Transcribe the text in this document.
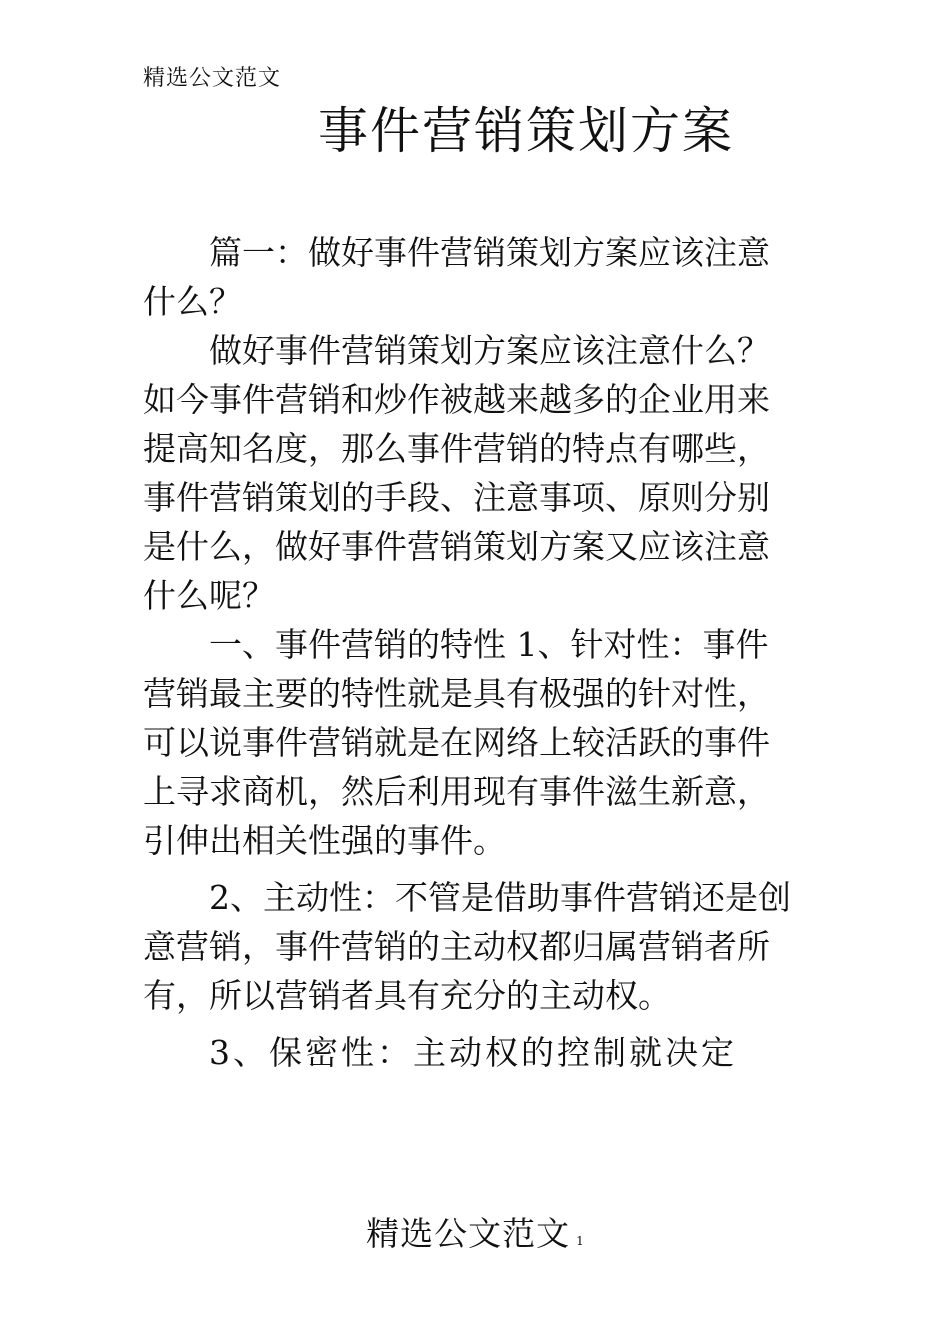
精选公文范文
事件营销策划方案

篇一：做好事件营销策划方案应该注意什么？

做好事件营销策划方案应该注意什么？如今事件营销和炒作被越来越多的企业用来提高知名度，那么事件营销的特点有哪些，事件营销策划的手段、注意事项、原则分别是什么，做好事件营销策划方案又应该注意什么呢？

一、事件营销的特性 1、针对性：事件营销最主要的特性就是具有极强的针对性，可以说事件营销就是在网络上较活跃的事件上寻求商机，然后利用现有事件滋生新意，引伸出相关性强的事件。

2、主动性：不管是借助事件营销还是创意营销，事件营销的主动权都归属营销者所有，所以营销者具有充分的主动权。

3、保密性：主动权的控制就决定

精选公文范文 1
